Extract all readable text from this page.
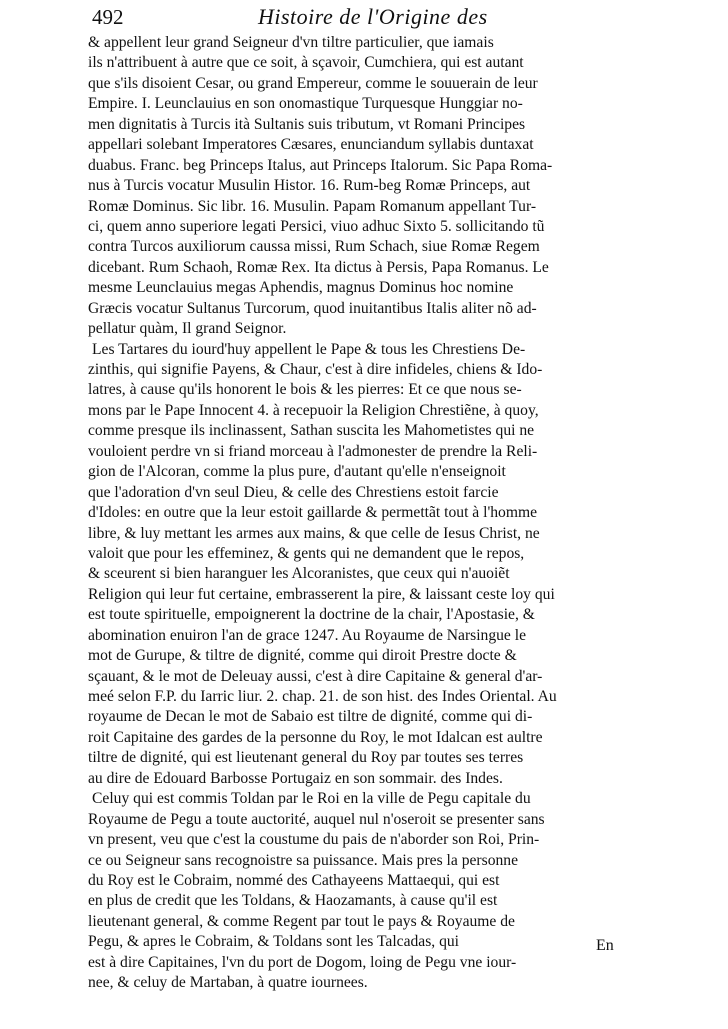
492	Histoire de l'Origine des
& appellent leur grand Seigneur d'vn tiltre particulier, que iamais
ils n'attribuent à autre que ce soit, à sçavoir, Cumchiera, qui est autant
que s'ils disoient Cesar, ou grand Empereur, comme le souuerain de leur
Empire. I. Leunclauius en son onomastique Turquesque Hunggiar no-
men dignitatis à Turcis ità Sultanis suis tributum, vt Romani Principes
appellari solebant Imperatores Cæsares, enunciandum syllabis duntaxat
duabus. Franc. beg Princeps Italus, aut Princeps Italorum. Sic Papa Roma-
nus à Turcis vocatur Musulin Histor. 16. Rum-beg Romæ Princeps, aut
Romæ Dominus. Sic libr. 16. Musulin. Papam Romanum appellant Tur-
ci, quem anno superiore legati Persici, viuo adhuc Sixto 5. sollicitando tũ
contra Turcos auxiliorum caussa missi, Rum Schach, siue Romæ Regem
dicebant. Rum Schaoh, Romæ Rex. Ita dictus à Persis, Papa Romanus. Le
mesme Leunclauius megas Aphendis, magnus Dominus hoc nomine
Græcis vocatur Sultanus Turcorum, quod inuitantibus Italis aliter nõ ad-
pellatur quàm, Il grand Seignor.
Les Tartares du iourd'huy appellent le Pape & tous les Chrestiens De-
zinthis, qui signifie Payens, & Chaur, c'est à dire infideles, chiens & Ido-
latres, à cause qu'ils honorent le bois & les pierres: Et ce que nous se-
mons par le Pape Innocent 4. à recepuoir la Religion Chrestiẽne, à quoy,
comme presque ils inclinassent, Sathan suscita les Mahometistes qui ne
vouloient perdre vn si friand morceau à l'admonester de prendre la Reli-
gion de l'Alcoran, comme la plus pure, d'autant qu'elle n'enseignoit
que l'adoration d'vn seul Dieu, & celle des Chrestiens estoit farcie
d'Idoles: en outre que la leur estoit gaillarde & permettãt tout à l'homme
libre, & luy mettant les armes aux mains, & que celle de Iesus Christ, ne
valoit que pour les effeminez, & gents qui ne demandent que le repos,
& sceurent si bien haranguer les Alcoranistes, que ceux qui n'auoiẽt
Religion qui leur fut certaine, embrasserent la pire, & laissant ceste loy qui
est toute spirituelle, empoignerent la doctrine de la chair, l'Apostasie, &
abomination enuiron l'an de grace 1247. Au Royaume de Narsingue le
mot de Gurupe, & tiltre de dignité, comme qui diroit Prestre docte &
sçauant, & le mot de Deleuay aussi, c'est à dire Capitaine & general d'ar-
meé selon F.P. du Iarric liur. 2. chap. 21. de son hist. des Indes Oriental. Au
royaume de Decan le mot de Sabaio est tiltre de dignité, comme qui di-
roit Capitaine des gardes de la personne du Roy, le mot Idalcan est aultre
tiltre de dignité, qui est lieutenant general du Roy par toutes ses terres
au dire de Edouard Barbosse Portugaiz en son sommair. des Indes.
Celuy qui est commis Toldan par le Roi en la ville de Pegu capitale du
Royaume de Pegu a toute auctorité, auquel nul n'oseroit se presenter sans
vn present, veu que c'est la coustume du pais de n'aborder son Roi, Prin-
ce ou Seigneur sans recognoistre sa puissance. Mais pres la personne
du Roy est le Cobraim, nommé des Cathayeens Mattaequi, qui est
en plus de credit que les Toldans, & Haozamants, à cause qu'il est
lieutenant general, & comme Regent par tout le pays & Royaume de
Pegu, & apres le Cobraim, & Toldans sont les Talcadas, qui
est à dire Capitaines, l'vn du port de Dogom, loing de Pegu vne iour-
nee, & celuy de Martaban, à quatre iournees.
En
